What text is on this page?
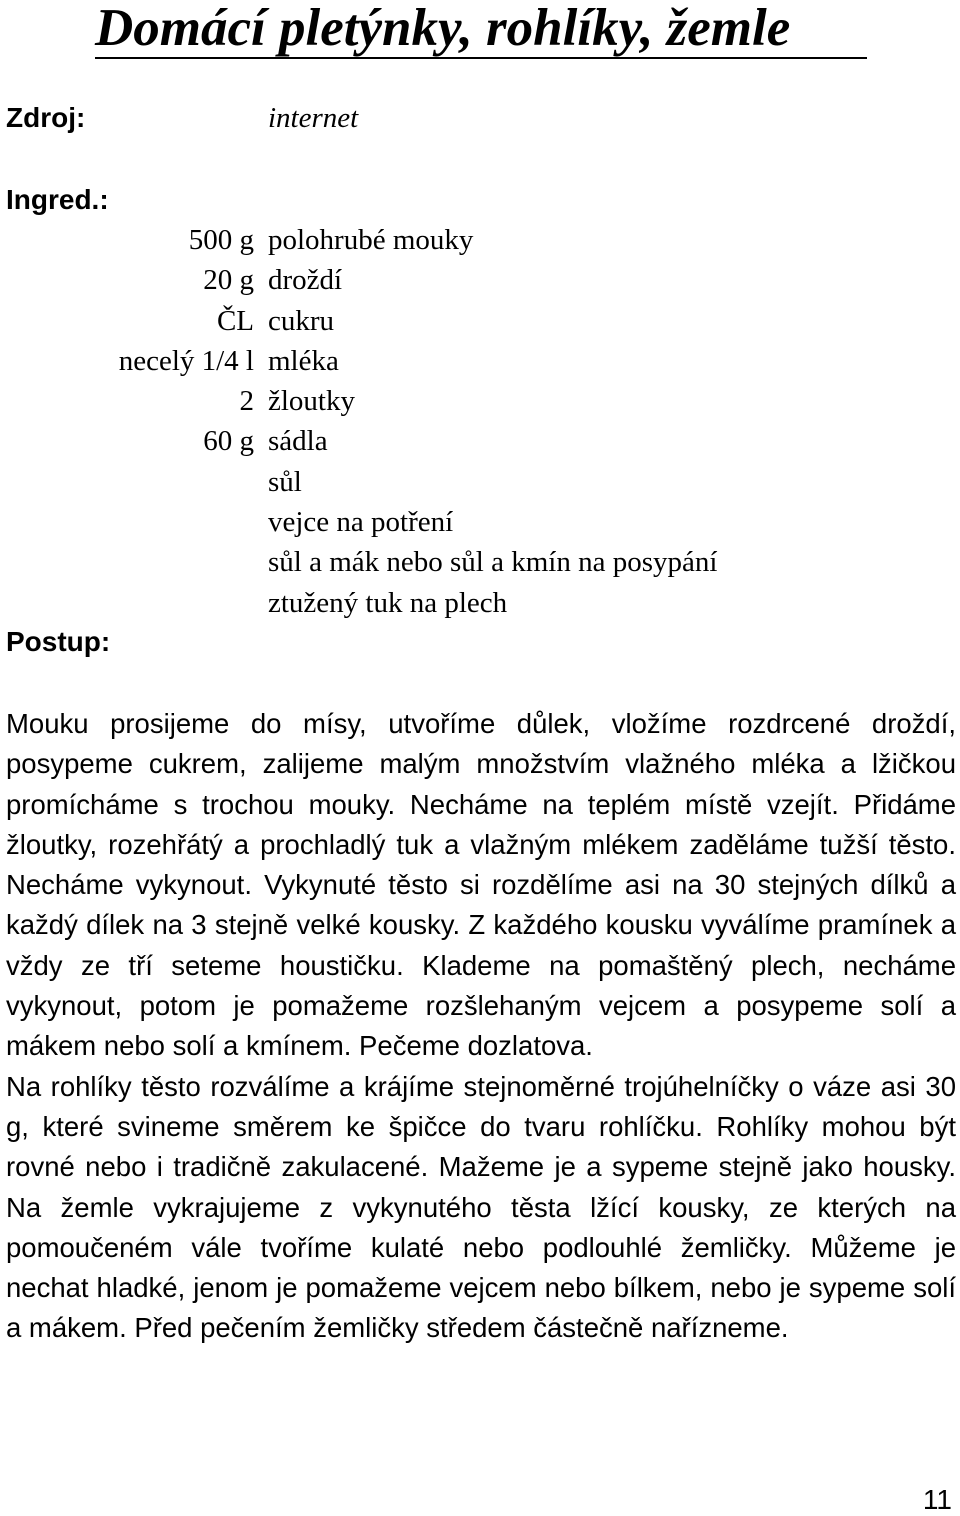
Domácí pletýnky, rohlíky, žemle
Zdroj:	internet
Ingred.:
500 g polohrubé mouky
20 g droždí
ČL cukru
necelý 1/4 l mléka
2 žloutky
60 g sádla
sůl
vejce na potření
sůl a mák nebo sůl a kmín na posypání
ztužený tuk na plech
Postup:

Mouku prosijeme do mísy, utvoříme důlek, vložíme rozdrcené droždí, posypeme cukrem, zalijeme malým množstvím vlažného mléka a lžičkou promícháme s trochou mouky. Necháme na teplém místě vzejít. Přidáme žloutky, rozehřátý a prochladlý tuk a vlažným mlékem zaděláme tužší těsto. Necháme vykynout. Vykynuté těsto si rozdělíme asi na 30 stejných dílků a každý dílek na 3 stejně velké kousky. Z každého kousku vyválíme pramínek a vždy ze tří seteme houstičku. Klademe na pomaštěný plech, necháme vykynout, potom je pomažeme rozšlehaným vejcem a posypeme solí a mákem nebo solí a kmínem. Pečeme dozlatova.

Na rohlíky těsto rozválíme a krájíme stejnoměrné trojúhelníčky o váze asi 30 g, které svineme směrem ke špičce do tvaru rohlíčku. Rohlíky mohou být rovné nebo i tradičně zakulacené. Mažeme je a sypeme stejně jako housky. Na žemle vykrajujeme z vykynutého těsta lžící kousky, ze kterých na pomoučeném vále tvoříme kulaté nebo podlouhlé žemličky. Můžeme je nechat hladké, jenom je pomažeme vejcem nebo bílkem, nebo je sypeme solí a mákem. Před pečením žemličky středem částečně nařízneme.

11
